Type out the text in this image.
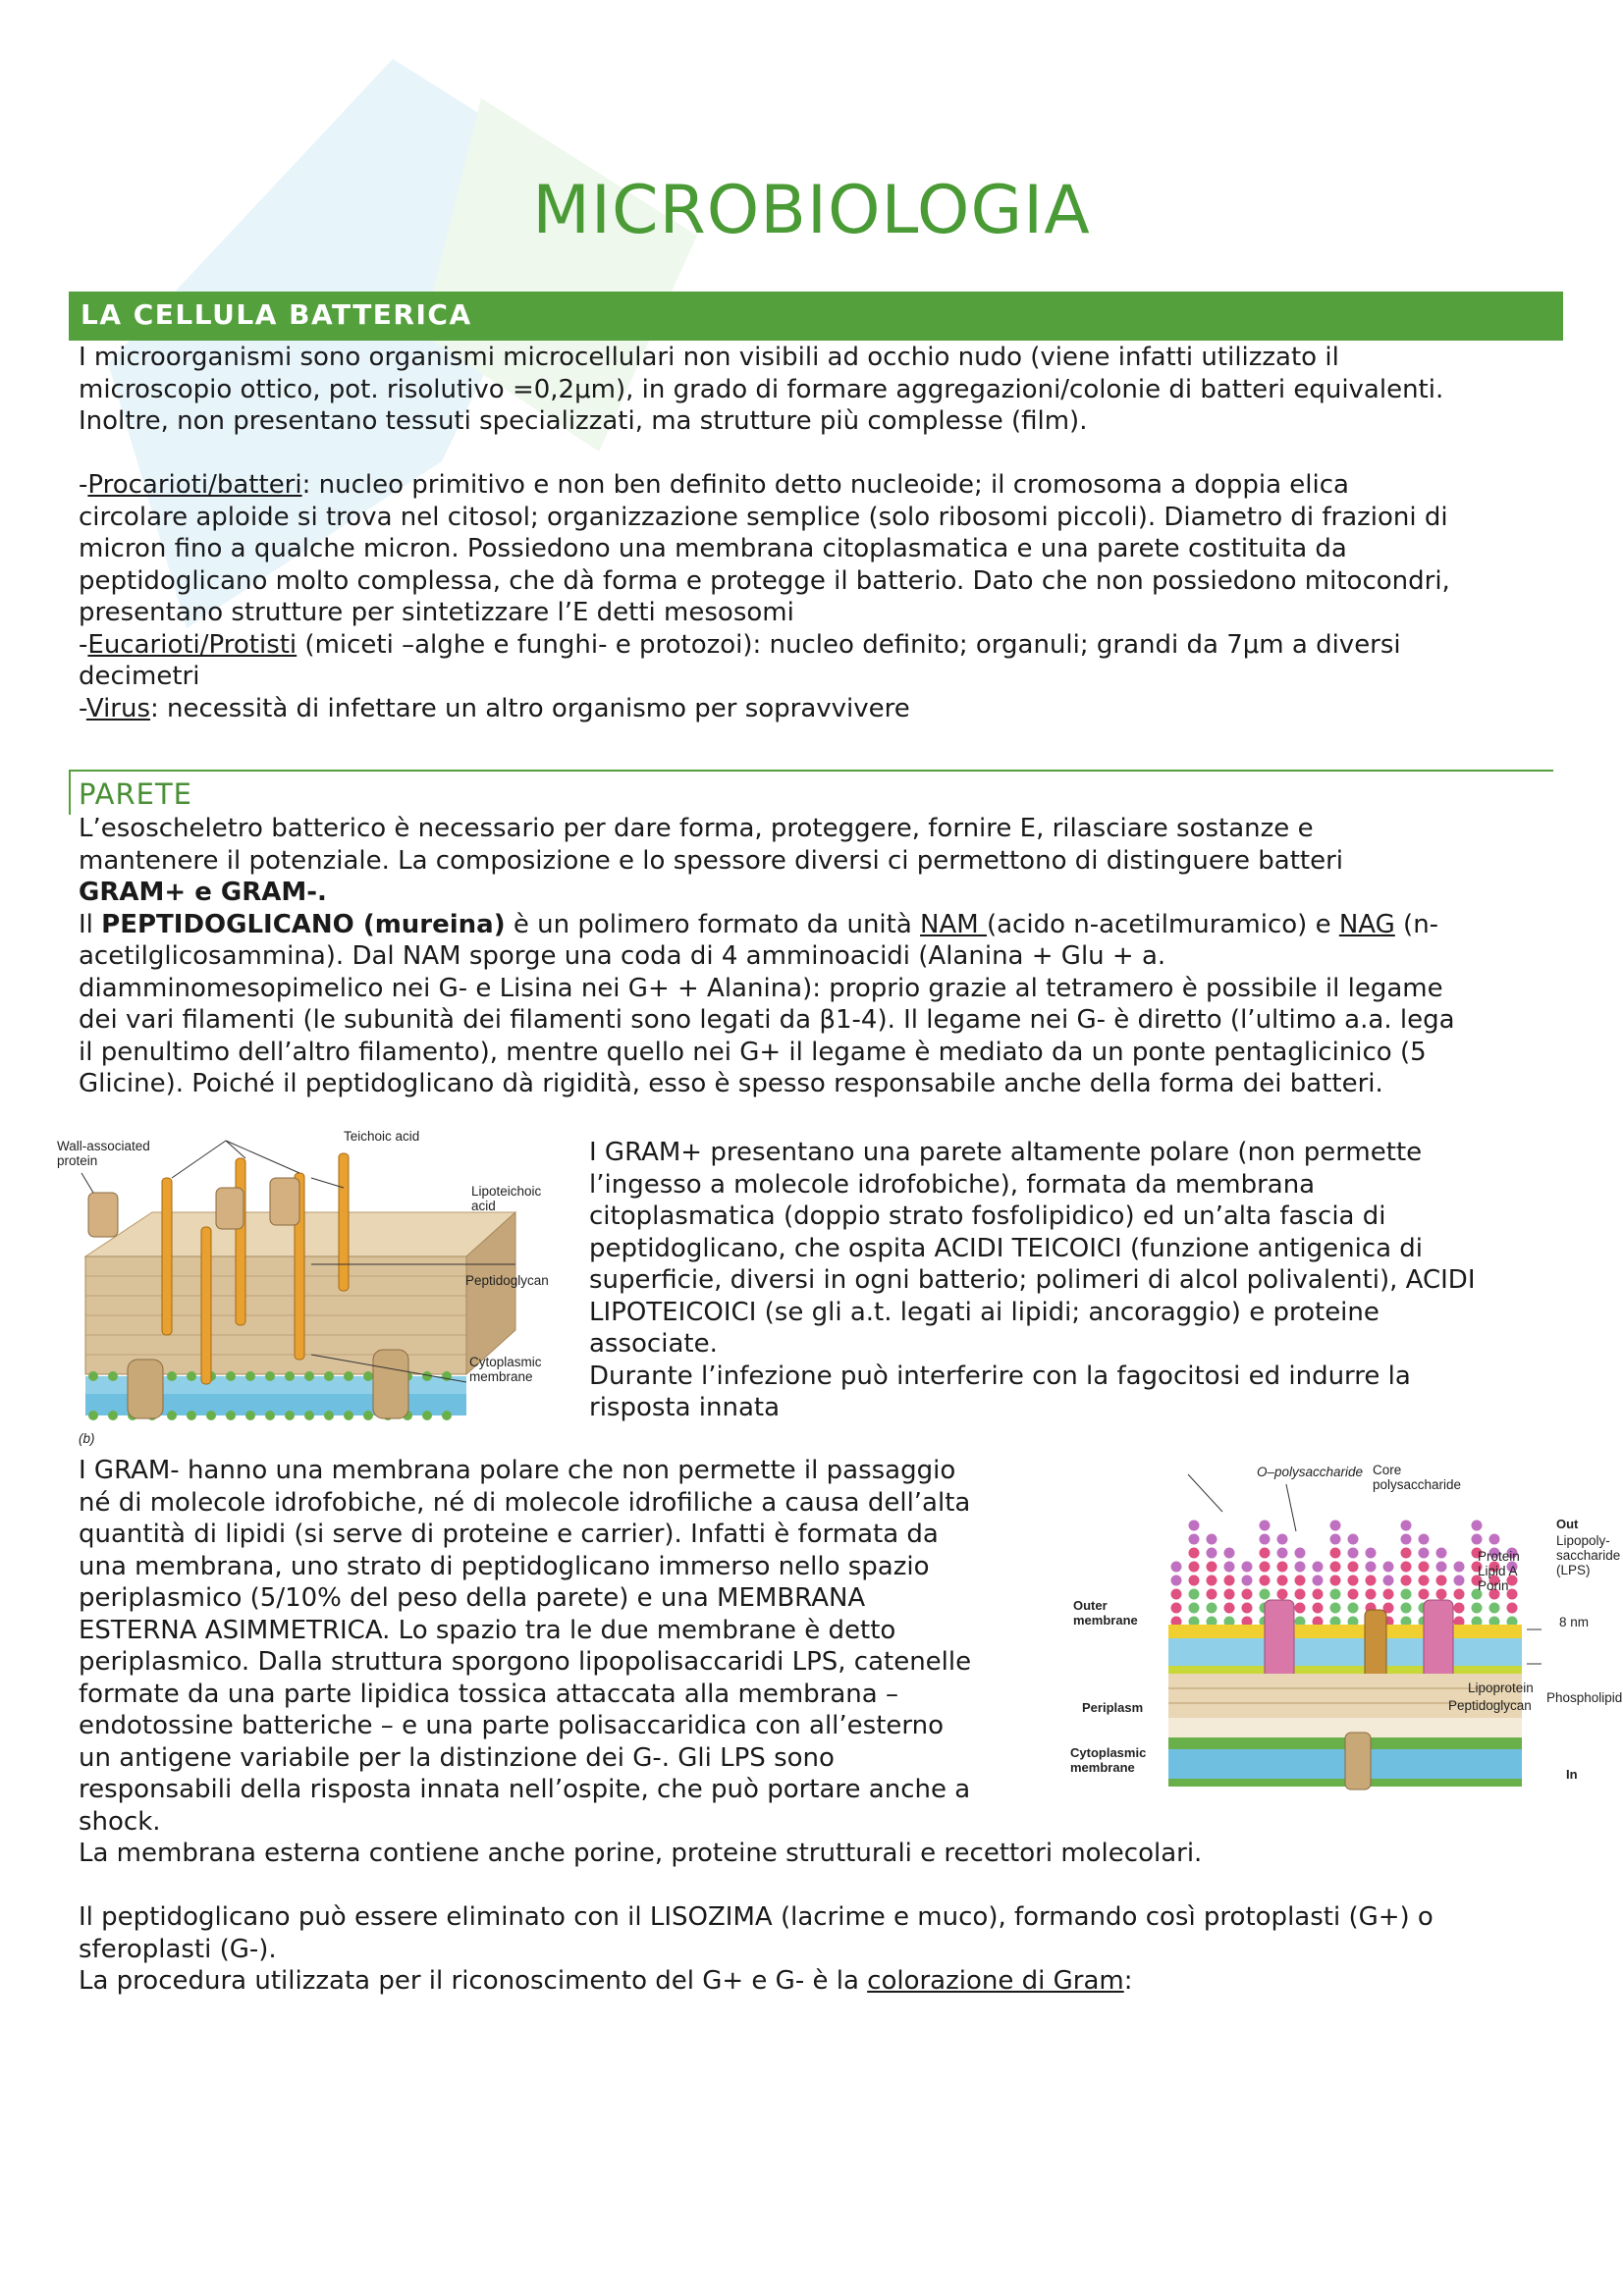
MICROBIOLOGIA
LA CELLULA BATTERICA

I microorganismi sono organismi microcellulari non visibili ad occhio nudo (viene infatti utilizzato il

microscopio ottico, pot. risolutivo =0,2μm), in grado di formare aggregazioni/colonie di batteri equivalenti.

Inoltre, non presentano tessuti specializzati, ma strutture più complesse (film).

-Procarioti/batteri: nucleo primitivo e non ben definito detto nucleoide; il cromosoma a doppia elica

circolare aploide si trova nel citosol; organizzazione semplice (solo ribosomi piccoli). Diametro di frazioni di

micron fino a qualche micron. Possiedono una membrana citoplasmatica e una parete costituita da

peptidoglicano molto complessa, che dà forma e protegge il batterio. Dato che non possiedono mitocondri,

presentano strutture per sintetizzare l’E detti mesosomi

-Eucarioti/Protisti (miceti –alghe e funghi- e protozoi): nucleo definito; organuli; grandi da 7μm a diversi

decimetri

-Virus: necessità di infettare un altro organismo per sopravvivere

PARETE

L’esoscheletro batterico è necessario per dare forma, proteggere, fornire E, rilasciare sostanze e

mantenere il potenziale. La composizione e lo spessore diversi ci permettono di distinguere batteri

GRAM+ e GRAM-.

Il PEPTIDOGLICANO (mureina) è un polimero formato da unità NAM (acido n-acetilmuramico) e NAG (n-

acetilglicosammina). Dal NAM sporge una coda di 4 amminoacidi (Alanina + Glu + a.

diamminomesopimelico nei G- e Lisina nei G+ + Alanina): proprio grazie al tetramero è possibile il legame

dei vari filamenti (le subunità dei filamenti sono legati da β1-4). Il legame nei G- è diretto (l’ultimo a.a. lega

il penultimo dell’altro filamento), mentre quello nei G+ il legame è mediato da un ponte pentaglicinico (5

Glicine). Poiché il peptidoglicano dà rigidità, esso è spesso responsabile anche della forma dei batteri.

Wall-associated
protein
Teichoic acid
Lipoteichoic
acid
Peptidoglycan
Cytoplasmic
membrane
(b)

I GRAM+ presentano una parete altamente polare (non permette

l’ingesso a molecole idrofobiche), formata da membrana

citoplasmatica (doppio strato fosfolipidico) ed un’alta fascia di

peptidoglicano, che ospita ACIDI TEICOICI (funzione antigenica di

superficie, diversi in ogni batterio; polimeri di alcol polivalenti), ACIDI

LIPOTEICOICI (se gli a.t. legati ai lipidi; ancoraggio) e proteine

associate.

Durante l’infezione può interferire con la fagocitosi ed indurre la

risposta innata

I GRAM- hanno una membrana polare che non permette il passaggio

né di molecole idrofobiche, né di molecole idrofiliche a causa dell’alta

quantità di lipidi (si serve di proteine e carrier). Infatti è formata da

una membrana, uno strato di peptidoglicano immerso nello spazio

periplasmico (5/10% del peso della parete) e una MEMBRANA

ESTERNA ASIMMETRICA. Lo spazio tra le due membrane è detto

periplasmico. Dalla struttura sporgono lipopolisaccaridi LPS, catenelle

formate da una parte lipidica tossica attaccata alla membrana –

endotossine batteriche – e una parte polisaccaridica con all’esterno

un antigene variabile per la distinzione dei G-. Gli LPS sono

responsabili della risposta innata nell’ospite, che può portare anche a

shock.

O–polysaccharide Core
polysaccharide
Out
Lipopoly-
saccharide
(LPS)
Protein
Lipid A
Porin
Outer
membrane	8 nm
Lipoprotein
Phospholipid
Peptidoglycan
Periplasm
Cytoplasmic
membrane	In

La membrana esterna contiene anche porine, proteine strutturali e recettori molecolari.

Il peptidoglicano può essere eliminato con il LISOZIMA (lacrime e muco), formando così protoplasti (G+) o

sferoplasti (G-).

La procedura utilizzata per il riconoscimento del G+ e G- è la colorazione di Gram:
